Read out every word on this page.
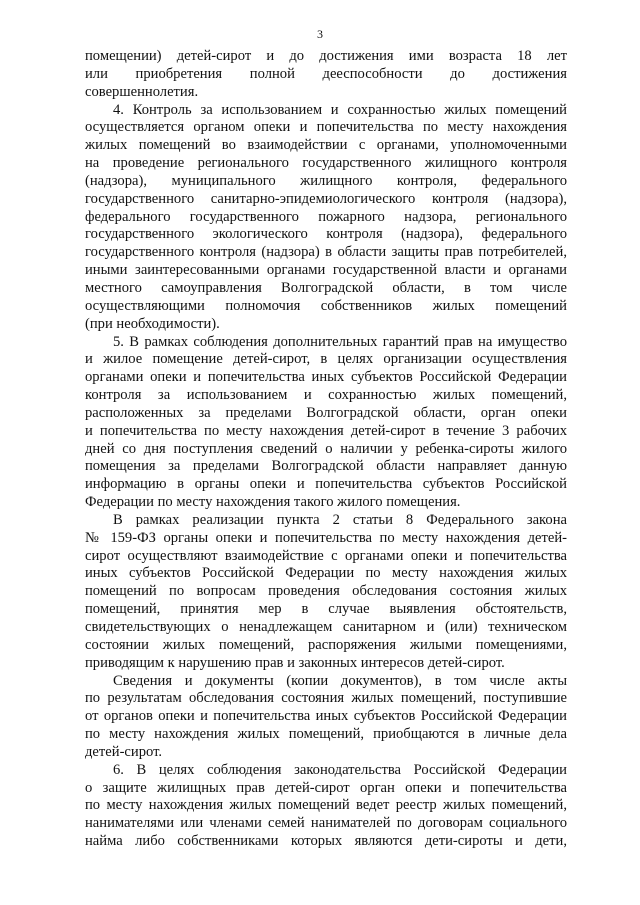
3
помещении) детей-сирот и до достижения ими возраста 18 лет
или приобретения полной дееспособности до достижения
совершеннолетия.
4. Контроль за использованием и сохранностью жилых помещений
осуществляется органом опеки и попечительства по месту нахождения
жилых помещений во взаимодействии с органами, уполномоченными
на проведение регионального государственного жилищного контроля
(надзора), муниципального жилищного контроля, федерального
государственного санитарно-эпидемиологического контроля (надзора),
федерального государственного пожарного надзора, регионального
государственного экологического контроля (надзора), федерального
государственного контроля (надзора) в области защиты прав потребителей,
иными заинтересованными органами государственной власти и органами
местного самоуправления Волгоградской области, в том числе
осуществляющими полномочия собственников жилых помещений
(при необходимости).
5. В рамках соблюдения дополнительных гарантий прав на имущество
и жилое помещение детей-сирот, в целях организации осуществления
органами опеки и попечительства иных субъектов Российской Федерации
контроля за использованием и сохранностью жилых помещений,
расположенных за пределами Волгоградской области, орган опеки
и попечительства по месту нахождения детей-сирот в течение 3 рабочих
дней со дня поступления сведений о наличии у ребенка-сироты жилого
помещения за пределами Волгоградской области направляет данную
информацию в органы опеки и попечительства субъектов Российской
Федерации по месту нахождения такого жилого помещения.
В рамках реализации пункта 2 статьи 8 Федерального закона
№ 159-ФЗ органы опеки и попечительства по месту нахождения детей-
сирот осуществляют взаимодействие с органами опеки и попечительства
иных субъектов Российской Федерации по месту нахождения жилых
помещений по вопросам проведения обследования состояния жилых
помещений, принятия мер в случае выявления обстоятельств,
свидетельствующих о ненадлежащем санитарном и (или) техническом
состоянии жилых помещений, распоряжения жилыми помещениями,
приводящим к нарушению прав и законных интересов детей-сирот.
Сведения и документы (копии документов), в том числе акты
по результатам обследования состояния жилых помещений, поступившие
от органов опеки и попечительства иных субъектов Российской Федерации
по месту нахождения жилых помещений, приобщаются в личные дела
детей-сирот.
6. В целях соблюдения законодательства Российской Федерации
о защите жилищных прав детей-сирот орган опеки и попечительства
по месту нахождения жилых помещений ведет реестр жилых помещений,
нанимателями или членами семей нанимателей по договорам социального
найма либо собственниками которых являются дети-сироты и дети,
